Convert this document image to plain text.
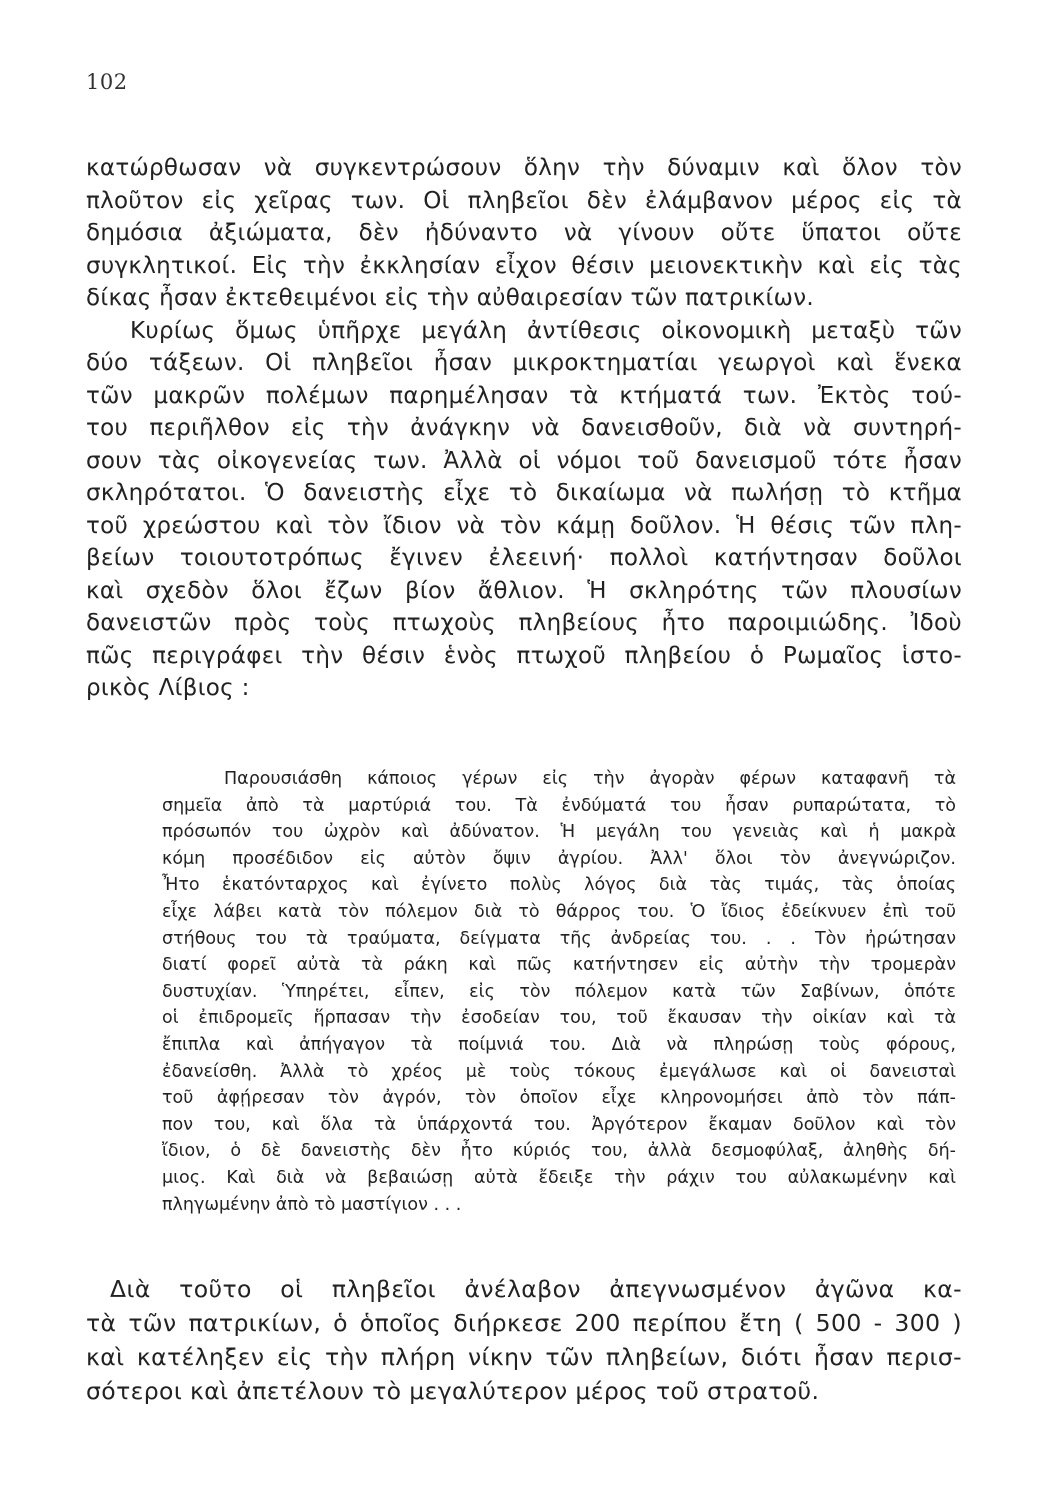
102
κατώρθωσαν νὰ συγκεντρώσουν ὅλην τὴν δύναμιν καὶ ὅλον τὸν
πλοῦτον εἰς χεῖρας των. Οἱ πληβεῖοι δὲν ἐλάμβανον μέρος εἰς τὰ
δημόσια ἀξιώματα, δὲν ἠδύναντο νὰ γίνουν οὔτε ὕπατοι οὔτε
συγκλητικοί. Εἰς τὴν ἐκκλησίαν εἶχον θέσιν μειονεκτικὴν καὶ εἰς τὰς
δίκας ἦσαν ἐκτεθειμένοι εἰς τὴν αὐθαιρεσίαν τῶν πατρικίων.
Κυρίως ὅμως ὑπῆρχε μεγάλη ἀντίθεσις οἰκονομικὴ μεταξὺ τῶν
δύο τάξεων. Οἱ πληβεῖοι ἦσαν μικροκτηματίαι γεωργοὶ καὶ ἕνεκα
τῶν μακρῶν πολέμων παρημέλησαν τὰ κτήματά των. Ἐκτὸς τού-
του περιῆλθον εἰς τὴν ἀνάγκην νὰ δανεισθοῦν, διὰ νὰ συντηρή-
σουν τὰς οἰκογενείας των. Ἀλλὰ οἱ νόμοι τοῦ δανεισμοῦ τότε ἦσαν
σκληρότατοι. Ὁ δανειστὴς εἶχε τὸ δικαίωμα νὰ πωλήσῃ τὸ κτῆμα
τοῦ χρεώστου καὶ τὸν ἴδιον νὰ τὸν κάμῃ δοῦλον. Ἡ θέσις τῶν πλη-
βείων τοιουτοτρόπως ἔγινεν ἐλεεινή· πολλοὶ κατήντησαν δοῦλοι
καὶ σχεδὸν ὅλοι ἔζων βίον ἄθλιον. Ἡ σκληρότης τῶν πλουσίων
δανειστῶν πρὸς τοὺς πτωχοὺς πληβείους ἦτο παροιμιώδης. Ἰδοὺ
πῶς περιγράφει τὴν θέσιν ἑνὸς πτωχοῦ πληβείου ὁ Ρωμαῖος ἱστο-
ρικὸς Λίβιος :
Παρουσιάσθη κάποιος γέρων εἰς τὴν ἀγορὰν φέρων καταφανῆ τὰ
σημεῖα ἀπὸ τὰ μαρτύριά του. Τὰ ἐνδύματά του ἦσαν ρυπαρώτατα, τὸ
πρόσωπόν του ὠχρὸν καὶ ἀδύνατον. Ἡ μεγάλη του γενειὰς καὶ ἡ μακρὰ
κόμη προσέδιδον εἰς αὐτὸν ὄψιν ἀγρίου. Ἀλλ' ὅλοι τὸν ἀνεγνώριζον.
Ἦτο ἑκατόνταρχος καὶ ἐγίνετο πολὺς λόγος διὰ τὰς τιμάς, τὰς ὁποίας
εἶχε λάβει κατὰ τὸν πόλεμον διὰ τὸ θάρρος του. Ὁ ἴδιος ἐδείκνυεν ἐπὶ τοῦ
στήθους του τὰ τραύματα, δείγματα τῆς ἀνδρείας του. . . Τὸν ἠρώτησαν
διατί φορεῖ αὐτὰ τὰ ράκη καὶ πῶς κατήντησεν εἰς αὐτὴν τὴν τρομερὰν
δυστυχίαν. Ὑπηρέτει, εἶπεν, εἰς τὸν πόλεμον κατὰ τῶν Σαβίνων, ὁπότε
οἱ ἐπιδρομεῖς ἥρπασαν τὴν ἐσοδείαν του, τοῦ ἔκαυσαν τὴν οἰκίαν καὶ τὰ
ἔπιπλα καὶ ἀπήγαγον τὰ ποίμνιά του. Διὰ νὰ πληρώσῃ τοὺς φόρους,
ἐδανείσθη. Ἀλλὰ τὸ χρέος μὲ τοὺς τόκους ἐμεγάλωσε καὶ οἱ δανεισταὶ
τοῦ ἀφῄρεσαν τὸν ἀγρόν, τὸν ὁποῖον εἶχε κληρονομήσει ἀπὸ τὸν πάπ-
πον του, καὶ ὅλα τὰ ὑπάρχοντά του. Ἀργότερον ἔκαμαν δοῦλον καὶ τὸν
ἴδιον, ὁ δὲ δανειστὴς δὲν ἦτο κύριός του, ἀλλὰ δεσμοφύλαξ, ἀληθὴς δή-
μιος. Καὶ διὰ νὰ βεβαιώσῃ αὐτὰ ἔδειξε τὴν ράχιν του αὐλακωμένην καὶ
πληγωμένην ἀπὸ τὸ μαστίγιον . . .
Διὰ τοῦτο οἱ πληβεῖοι ἀνέλαβον ἀπεγνωσμένον ἀγῶνα κα-
τὰ τῶν πατρικίων, ὁ ὁποῖος διήρκεσε 200 περίπου ἔτη ( 500 - 300 )
καὶ κατέληξεν εἰς τὴν πλήρη νίκην τῶν πληβείων, διότι ἦσαν περισ-
σότεροι καὶ ἀπετέλουν τὸ μεγαλύτερον μέρος τοῦ στρατοῦ.
